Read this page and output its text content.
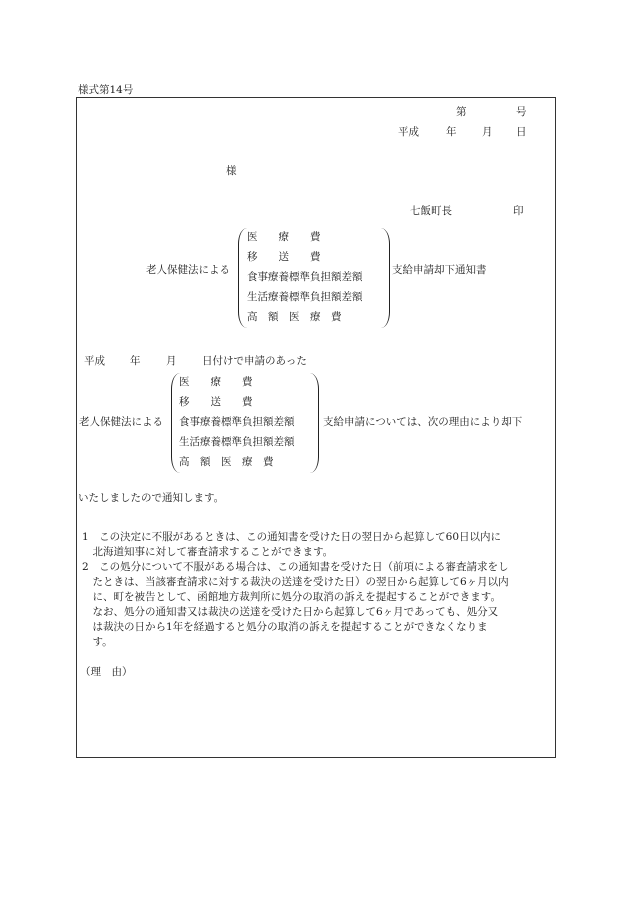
様式第14号
第	号
平成	年 月 日
様
七飯町長	印
老人保健法による
医　　療　　費
移　　送　　費
食事療養標準負担額差額
生活療養標準負担額差額
高　額　医　療　費
支給申請却下通知書
平成 年 月 日付けで申請のあった
老人保健法による
医　　療　　費
移　　送　　費
食事療養標準負担額差額
生活療養標準負担額差額
高　額　医　療　費
支給申請については、次の理由により却下
いたしましたので通知します。
1　この決定に不服があるときは、この通知書を受けた日の翌日から起算して60日以内に
　北海道知事に対して審査請求することができます。
2　この処分について不服がある場合は、この通知書を受けた日（前項による審査請求をし
　たときは、当該審査請求に対する裁決の送達を受けた日）の翌日から起算して6ヶ月以内
　に、町を被告として、函館地方裁判所に処分の取消の訴えを提起することができます。
　なお、処分の通知書又は裁決の送達を受けた日から起算して6ヶ月であっても、処分又
　は裁決の日から1年を経過すると処分の取消の訴えを提起することができなくなりま
　す。
（理　由）
